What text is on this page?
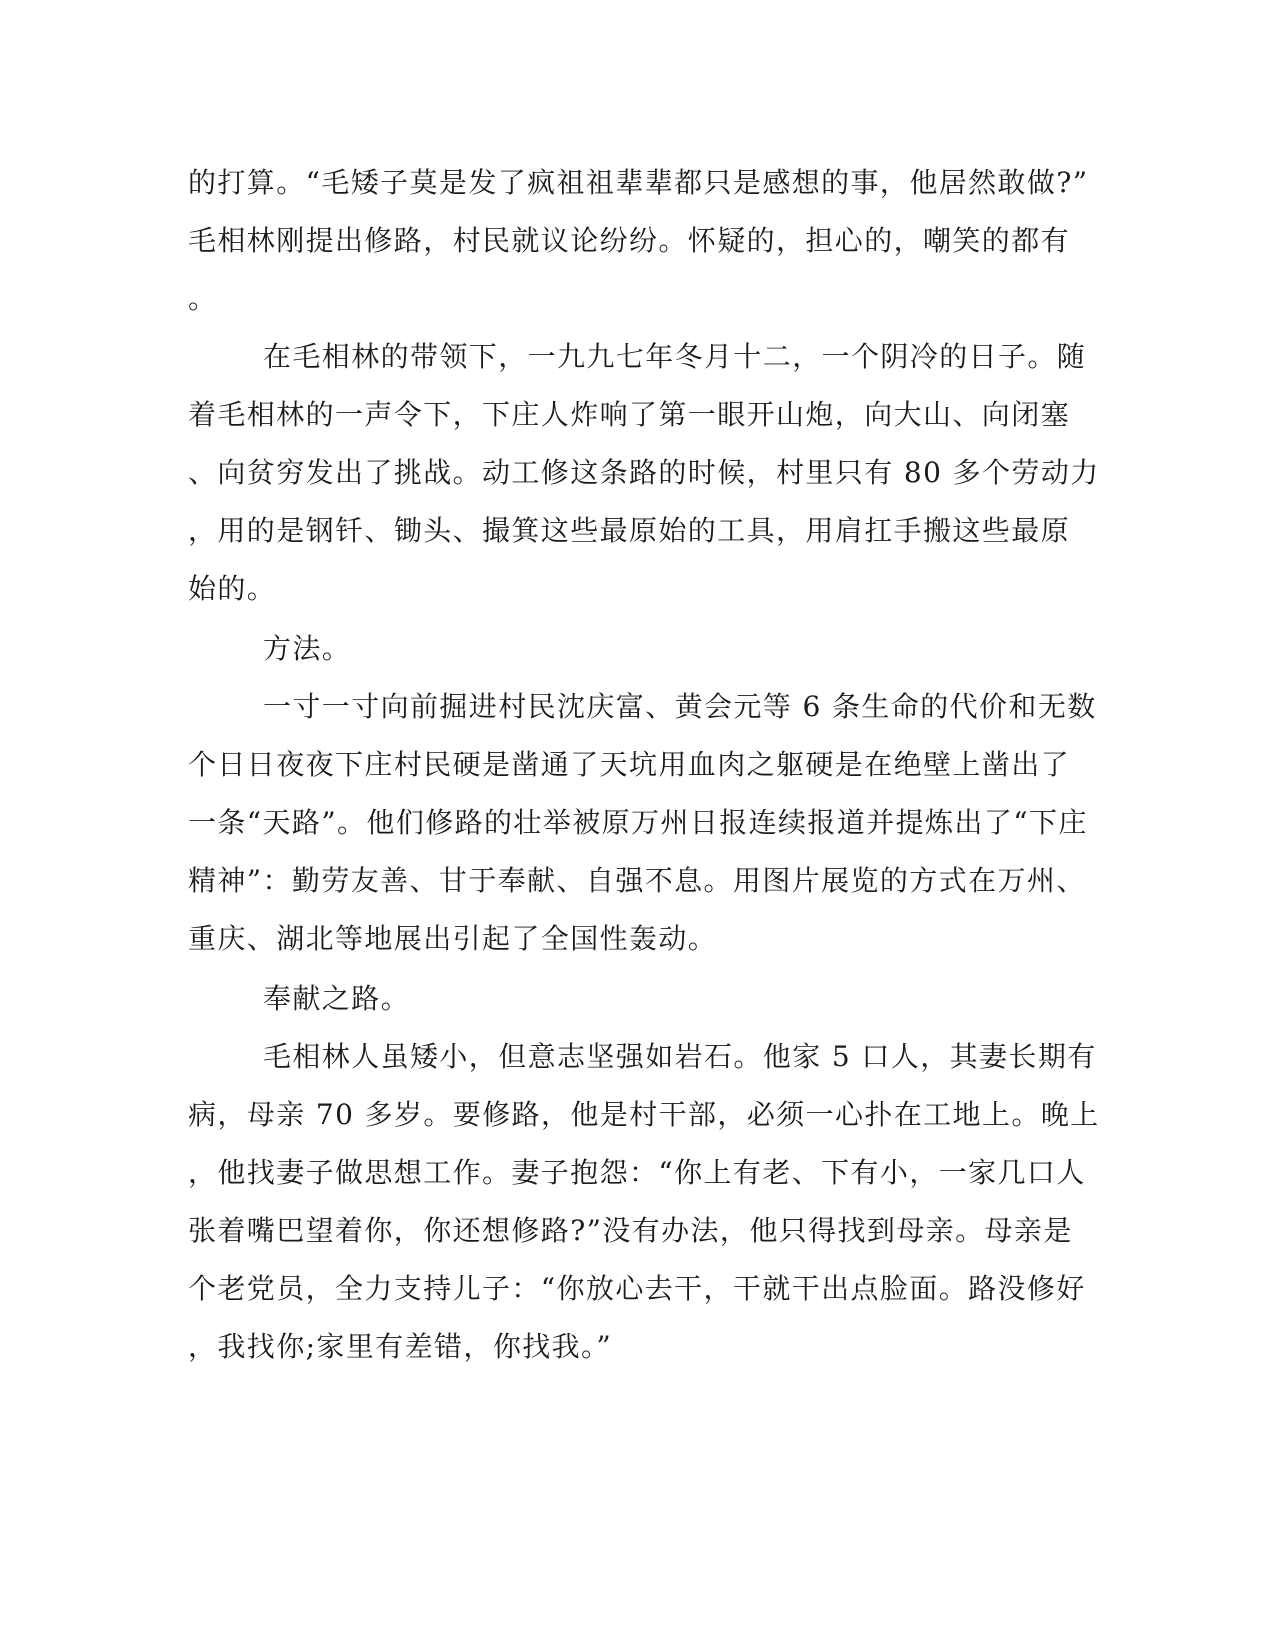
的打算。“毛矮子莫是发了疯祖祖辈辈都只是感想的事，他居然敢做?”
毛相林刚提出修路，村民就议论纷纷。怀疑的，担心的，嘲笑的都有
。
在毛相林的带领下，一九九七年冬月十二，一个阴冷的日子。随
着毛相林的一声令下，下庄人炸响了第一眼开山炮，向大山、向闭塞
、向贫穷发出了挑战。动工修这条路的时候，村里只有 80 多个劳动力
，用的是钢钎、锄头、撮箕这些最原始的工具，用肩扛手搬这些最原
始的。
方法。
一寸一寸向前掘进村民沈庆富、黄会元等 6 条生命的代价和无数
个日日夜夜下庄村民硬是凿通了天坑用血肉之躯硬是在绝壁上凿出了
一条“天路”。他们修路的壮举被原万州日报连续报道并提炼出了“下庄
精神”：勤劳友善、甘于奉献、自强不息。用图片展览的方式在万州、
重庆、湖北等地展出引起了全国性轰动。
奉献之路。
毛相林人虽矮小，但意志坚强如岩石。他家 5 口人，其妻长期有
病，母亲 70 多岁。要修路，他是村干部，必须一心扑在工地上。晚上
，他找妻子做思想工作。妻子抱怨：“你上有老、下有小，一家几口人
张着嘴巴望着你，你还想修路?”没有办法，他只得找到母亲。母亲是
个老党员，全力支持儿子：“你放心去干，干就干出点脸面。路没修好
，我找你;家里有差错，你找我。”
